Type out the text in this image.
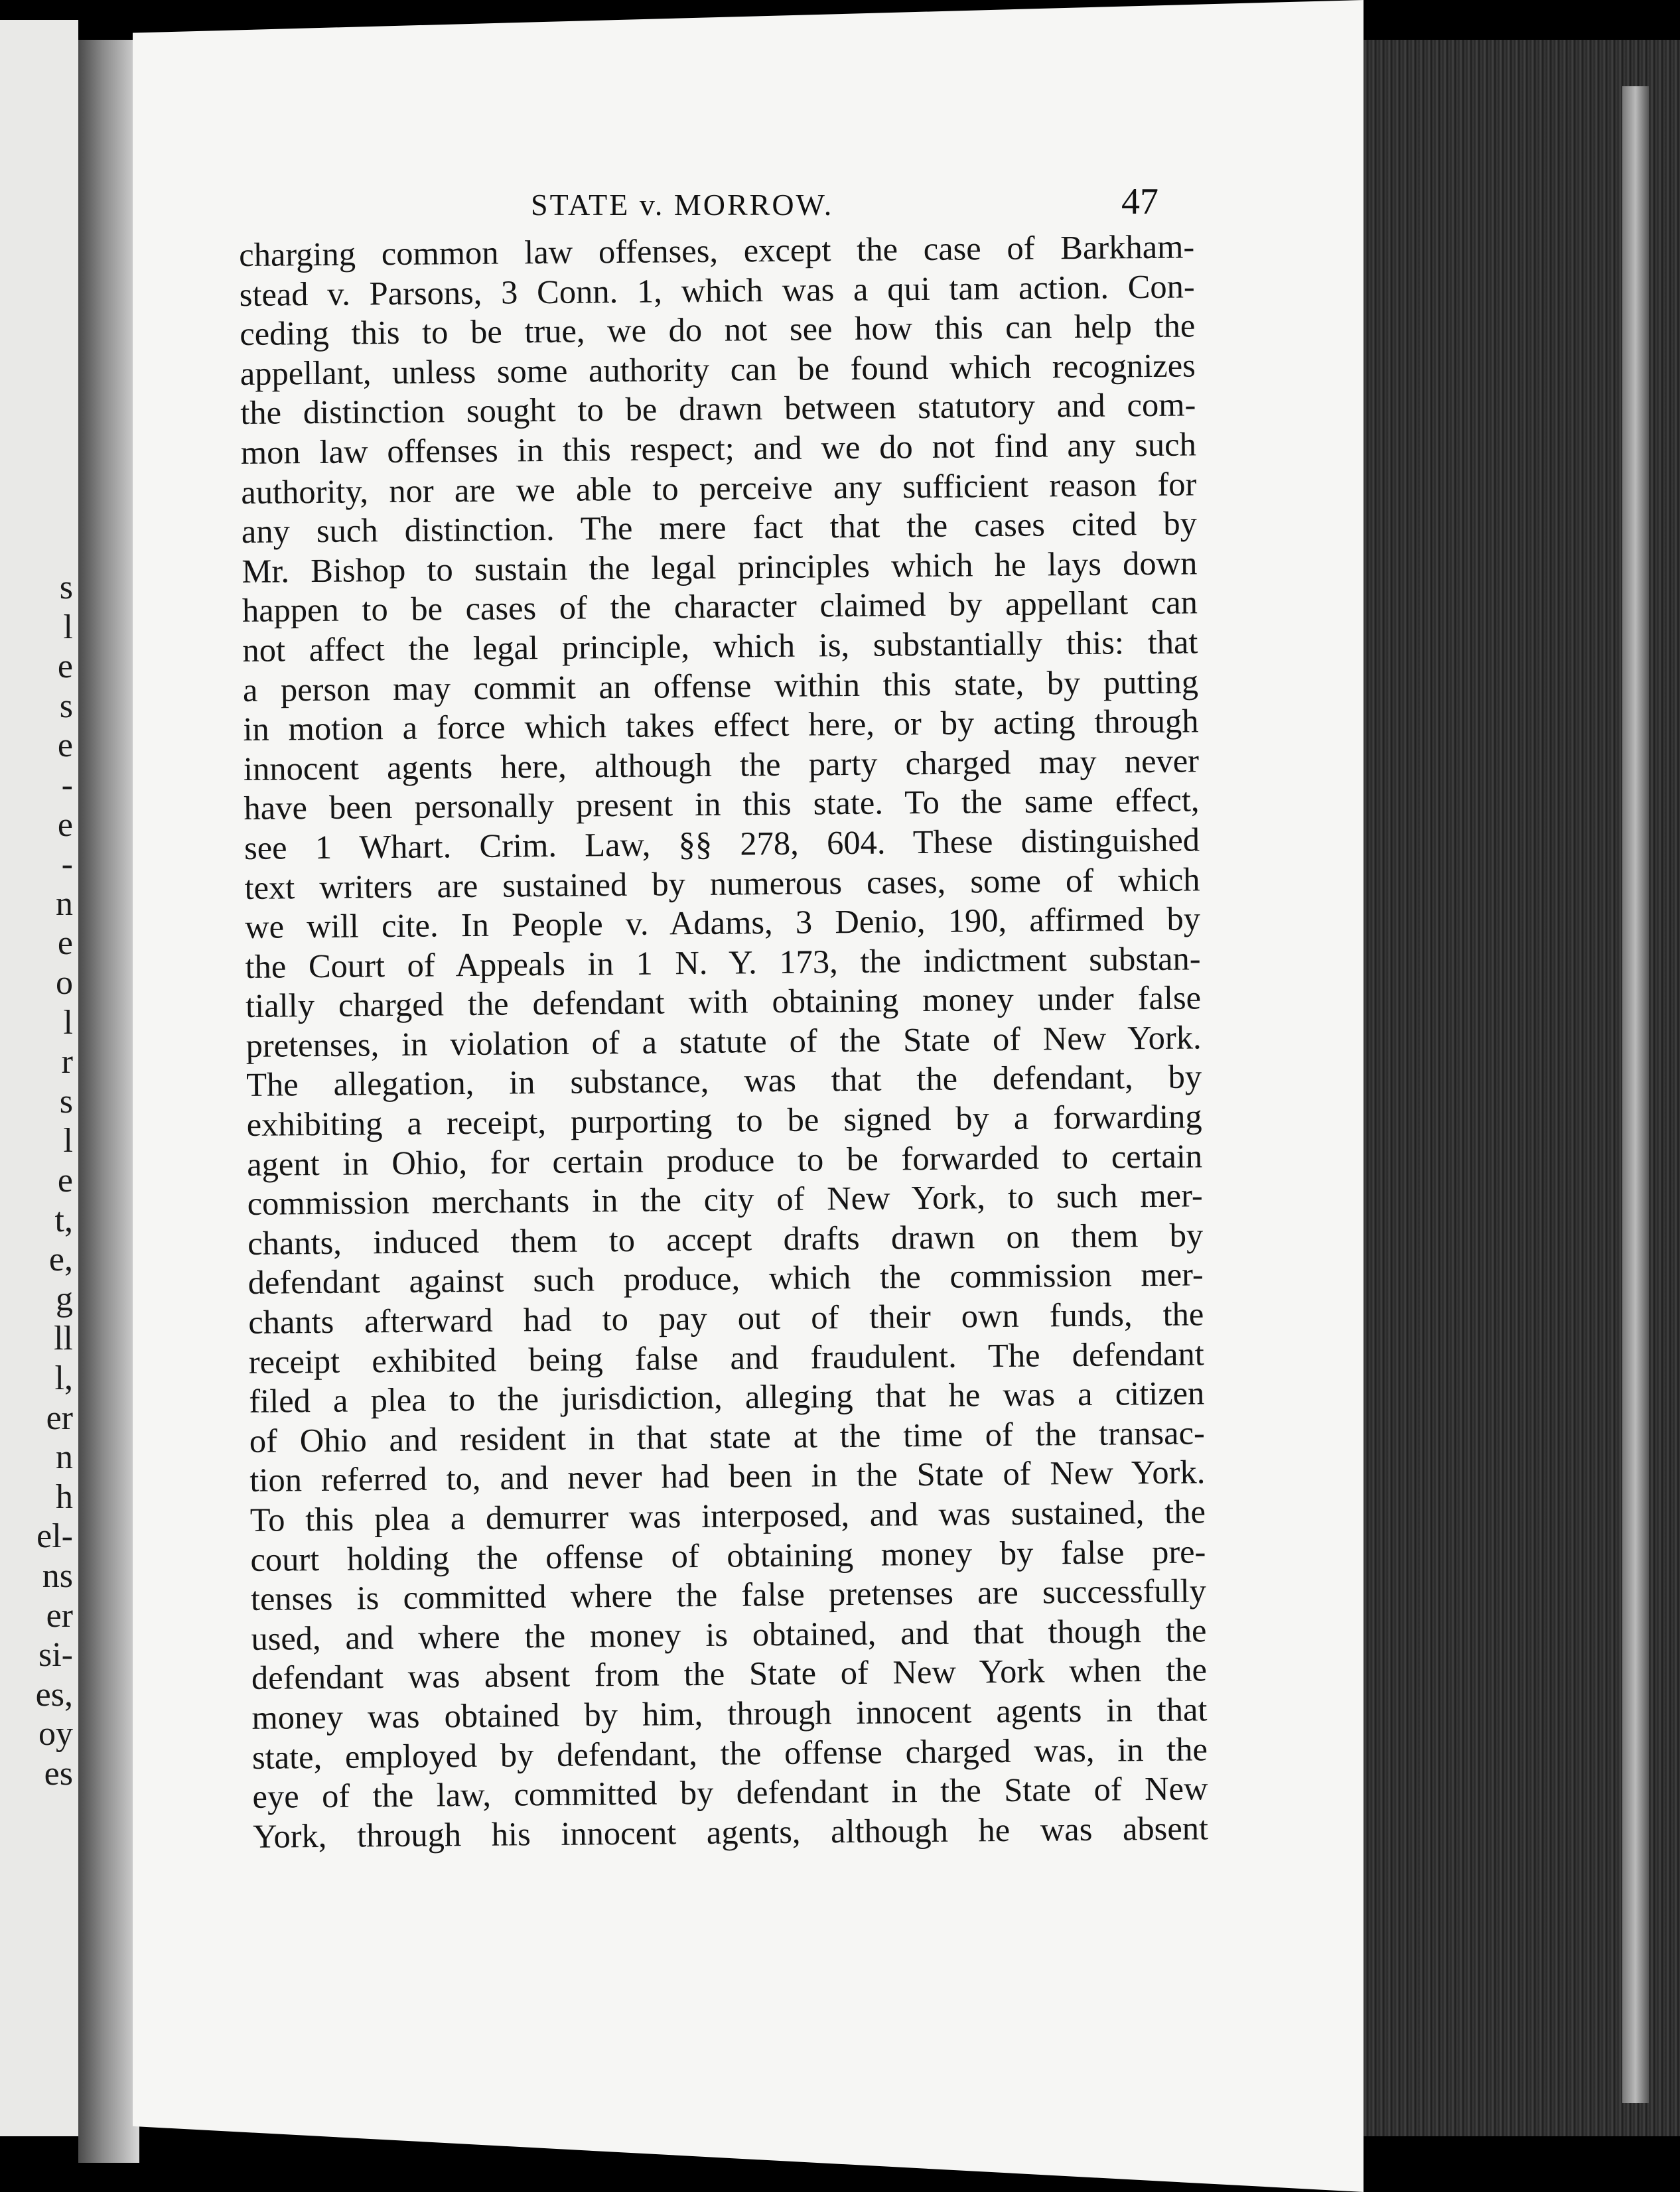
s
l
e
s
e
-
e
-
n
e
o
l
r
s
l
e
t,
e,
g
ll
l,
er
n
h
el-
ns
er
si-
es,
oy
es
STATE v. MORROW.	47
charging common law offenses, except the case of Barkham-
stead v. Parsons, 3 Conn. 1, which was a qui tam action. Con-
ceding this to be true, we do not see how this can help the
appellant, unless some authority can be found which recognizes
the distinction sought to be drawn between statutory and com-
mon law offenses in this respect; and we do not find any such
authority, nor are we able to perceive any sufficient reason for
any such distinction. The mere fact that the cases cited by
Mr. Bishop to sustain the legal principles which he lays down
happen to be cases of the character claimed by appellant can
not affect the legal principle, which is, substantially this: that
a person may commit an offense within this state, by putting
in motion a force which takes effect here, or by acting through
innocent agents here, although the party charged may never
have been personally present in this state. To the same effect,
see 1 Whart. Crim. Law, §§ 278, 604. These distinguished
text writers are sustained by numerous cases, some of which
we will cite. In People v. Adams, 3 Denio, 190, affirmed by
the Court of Appeals in 1 N. Y. 173, the indictment substan-
tially charged the defendant with obtaining money under false
pretenses, in violation of a statute of the State of New York.
The allegation, in substance, was that the defendant, by
exhibiting a receipt, purporting to be signed by a forwarding
agent in Ohio, for certain produce to be forwarded to certain
commission merchants in the city of New York, to such mer-
chants, induced them to accept drafts drawn on them by
defendant against such produce, which the commission mer-
chants afterward had to pay out of their own funds, the
receipt exhibited being false and fraudulent. The defendant
filed a plea to the jurisdiction, alleging that he was a citizen
of Ohio and resident in that state at the time of the transac-
tion referred to, and never had been in the State of New York.
To this plea a demurrer was interposed, and was sustained, the
court holding the offense of obtaining money by false pre-
tenses is committed where the false pretenses are successfully
used, and where the money is obtained, and that though the
defendant was absent from the State of New York when the
money was obtained by him, through innocent agents in that
state, employed by defendant, the offense charged was, in the
eye of the law, committed by defendant in the State of New
York, through his innocent agents, although he was absent
